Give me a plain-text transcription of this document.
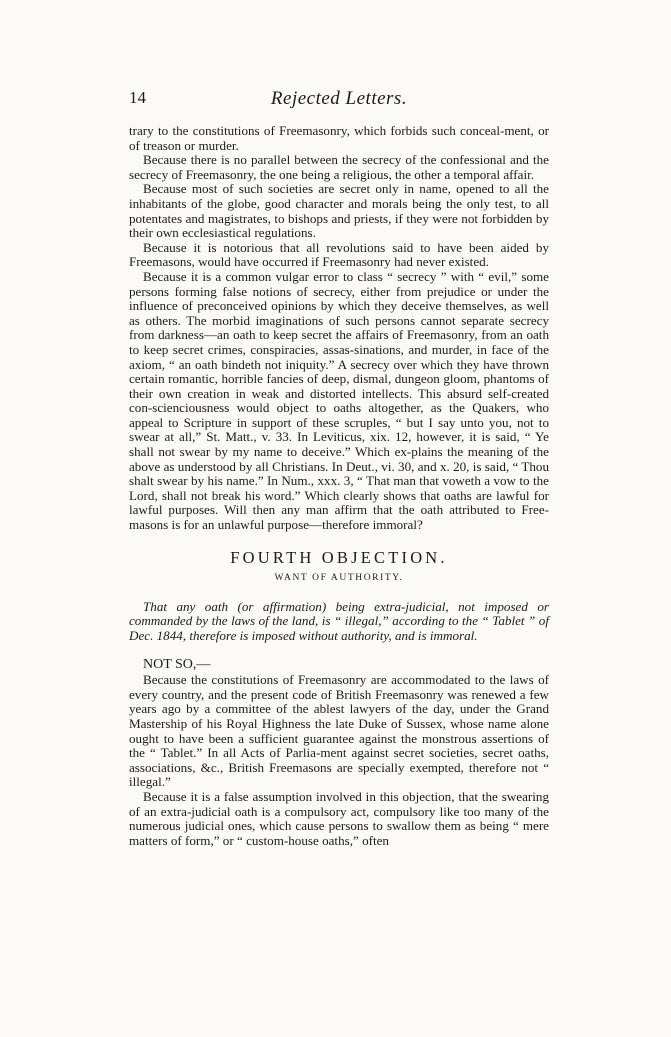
14	Rejected Letters.

trary to the constitutions of Freemasonry, which forbids such conceal-ment, or of treason or murder.

Because there is no parallel between the secrecy of the confessional and the secrecy of Freemasonry, the one being a religious, the other a temporal affair.

Because most of such societies are secret only in name, opened to all the inhabitants of the globe, good character and morals being the only test, to all potentates and magistrates, to bishops and priests, if they were not forbidden by their own ecclesiastical regulations.

Because it is notorious that all revolutions said to have been aided by Freemasons, would have occurred if Freemasonry had never existed.

Because it is a common vulgar error to class “ secrecy ” with “ evil,” some persons forming false notions of secrecy, either from prejudice or under the influence of preconceived opinions by which they deceive themselves, as well as others. The morbid imaginations of such persons cannot separate secrecy from darkness—an oath to keep secret the affairs of Freemasonry, from an oath to keep secret crimes, conspiracies, assas-sinations, and murder, in face of the axiom, “ an oath bindeth not iniquity.” A secrecy over which they have thrown certain romantic, horrible fancies of deep, dismal, dungeon gloom, phantoms of their own creation in weak and distorted intellects. This absurd self-created con-scienciousness would object to oaths altogether, as the Quakers, who appeal to Scripture in support of these scruples, “ but I say unto you, not to swear at all,” St. Matt., v. 33. In Leviticus, xix. 12, however, it is said, “ Ye shall not swear by my name to deceive.” Which ex-plains the meaning of the above as understood by all Christians. In Deut., vi. 30, and x. 20, is said, “ Thou shalt swear by his name.” In Num., xxx. 3, “ That man that voweth a vow to the Lord, shall not break his word.” Which clearly shows that oaths are lawful for lawful purposes. Will then any man affirm that the oath attributed to Free-masons is for an unlawful purpose—therefore immoral?

FOURTH OBJECTION.

WANT OF AUTHORITY.

That any oath (or affirmation) being extra-judicial, not imposed or commanded by the laws of the land, is “ illegal,” according to the “ Tablet ” of Dec. 1844, therefore is imposed without authority, and is immoral.

NOT SO,—

Because the constitutions of Freemasonry are accommodated to the laws of every country, and the present code of British Freemasonry was renewed a few years ago by a committee of the ablest lawyers of the day, under the Grand Mastership of his Royal Highness the late Duke of Sussex, whose name alone ought to have been a sufficient guarantee against the monstrous assertions of the “ Tablet.” In all Acts of Parlia-ment against secret societies, secret oaths, associations, &c., British Freemasons are specially exempted, therefore not “ illegal.”

Because it is a false assumption involved in this objection, that the swearing of an extra-judicial oath is a compulsory act, compulsory like too many of the numerous judicial ones, which cause persons to swallow them as being “ mere matters of form,” or “ custom-house oaths,” often
